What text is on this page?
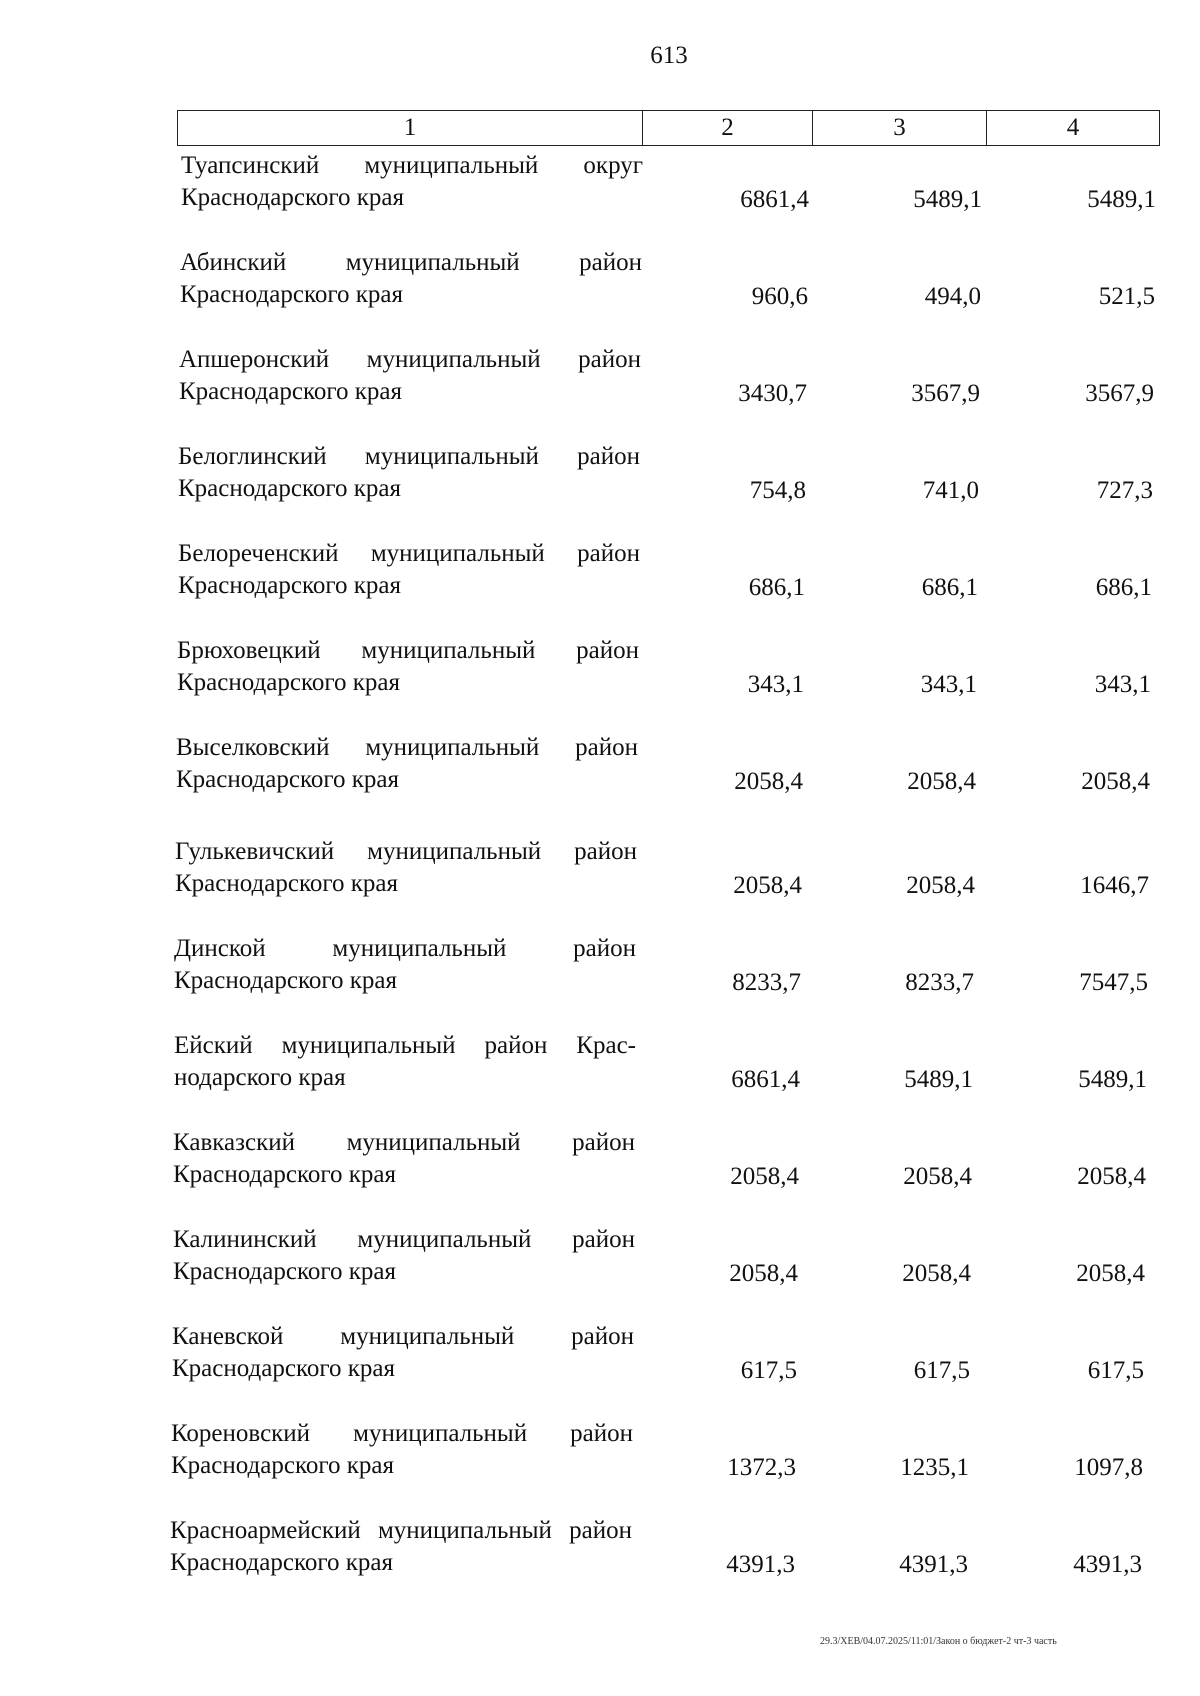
613
1	2	3	4
Туапсинский муниципальный округ Краснодарского края	6861,4	5489,1	5489,1
Абинский муниципальный район Краснодарского края	960,6	494,0	521,5
Апшеронский муниципальный район Краснодарского края	3430,7	3567,9	3567,9
Белоглинский муниципальный район Краснодарского края	754,8	741,0	727,3
Белореченский муниципальный район Краснодарского края	686,1	686,1	686,1
Брюховецкий муниципальный район Краснодарского края	343,1	343,1	343,1
Выселковский муниципальный район Краснодарского края	2058,4	2058,4	2058,4
Гулькевичский муниципальный район Краснодарского края	2058,4	2058,4	1646,7
Динской муниципальный район Краснодарского края	8233,7	8233,7	7547,5
Ейский муниципальный район Крас-нодарского края	6861,4	5489,1	5489,1
Кавказский муниципальный район Краснодарского края	2058,4	2058,4	2058,4
Калининский муниципальный район Краснодарского края	2058,4	2058,4	2058,4
Каневской муниципальный район Краснодарского края	617,5	617,5	617,5
Кореновский муниципальный район Краснодарского края	1372,3	1235,1	1097,8
Красноармейский муниципальный район Краснодарского края	4391,3	4391,3	4391,3
29.3/XEB/04.07.2025/11:01/Закон о бюджет-2 чт-3 часть
